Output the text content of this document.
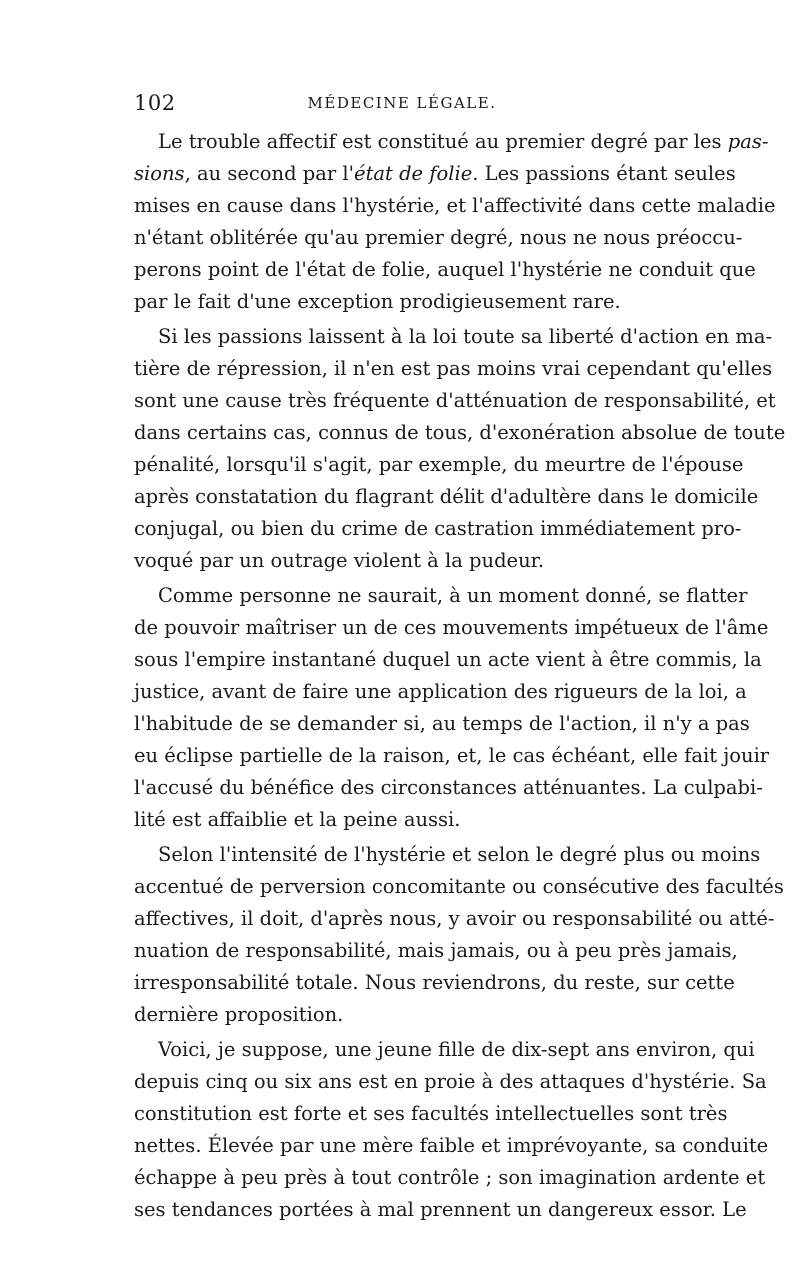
102	MÉDECINE LÉGALE.
Le trouble affectif est constitué au premier degré par les pas-
sions, au second par l'état de folie. Les passions étant seules
mises en cause dans l'hystérie, et l'affectivité dans cette maladie
n'étant oblitérée qu'au premier degré, nous ne nous préoccu-
perons point de l'état de folie, auquel l'hystérie ne conduit que
par le fait d'une exception prodigieusement rare.
Si les passions laissent à la loi toute sa liberté d'action en ma-
tière de répression, il n'en est pas moins vrai cependant qu'elles
sont une cause très fréquente d'atténuation de responsabilité, et
dans certains cas, connus de tous, d'exonération absolue de toute
pénalité, lorsqu'il s'agit, par exemple, du meurtre de l'épouse
après constatation du flagrant délit d'adultère dans le domicile
conjugal, ou bien du crime de castration immédiatement pro-
voqué par un outrage violent à la pudeur.
Comme personne ne saurait, à un moment donné, se flatter
de pouvoir maîtriser un de ces mouvements impétueux de l'âme
sous l'empire instantané duquel un acte vient à être commis, la
justice, avant de faire une application des rigueurs de la loi, a
l'habitude de se demander si, au temps de l'action, il n'y a pas
eu éclipse partielle de la raison, et, le cas échéant, elle fait jouir
l'accusé du bénéfice des circonstances atténuantes. La culpabi-
lité est affaiblie et la peine aussi.
Selon l'intensité de l'hystérie et selon le degré plus ou moins
accentué de perversion concomitante ou consécutive des facultés
affectives, il doit, d'après nous, y avoir ou responsabilité ou atté-
nuation de responsabilité, mais jamais, ou à peu près jamais,
irresponsabilité totale. Nous reviendrons, du reste, sur cette
dernière proposition.
Voici, je suppose, une jeune fille de dix-sept ans environ, qui
depuis cinq ou six ans est en proie à des attaques d'hystérie. Sa
constitution est forte et ses facultés intellectuelles sont très
nettes. Élevée par une mère faible et imprévoyante, sa conduite
échappe à peu près à tout contrôle ; son imagination ardente et
ses tendances portées à mal prennent un dangereux essor. Le
